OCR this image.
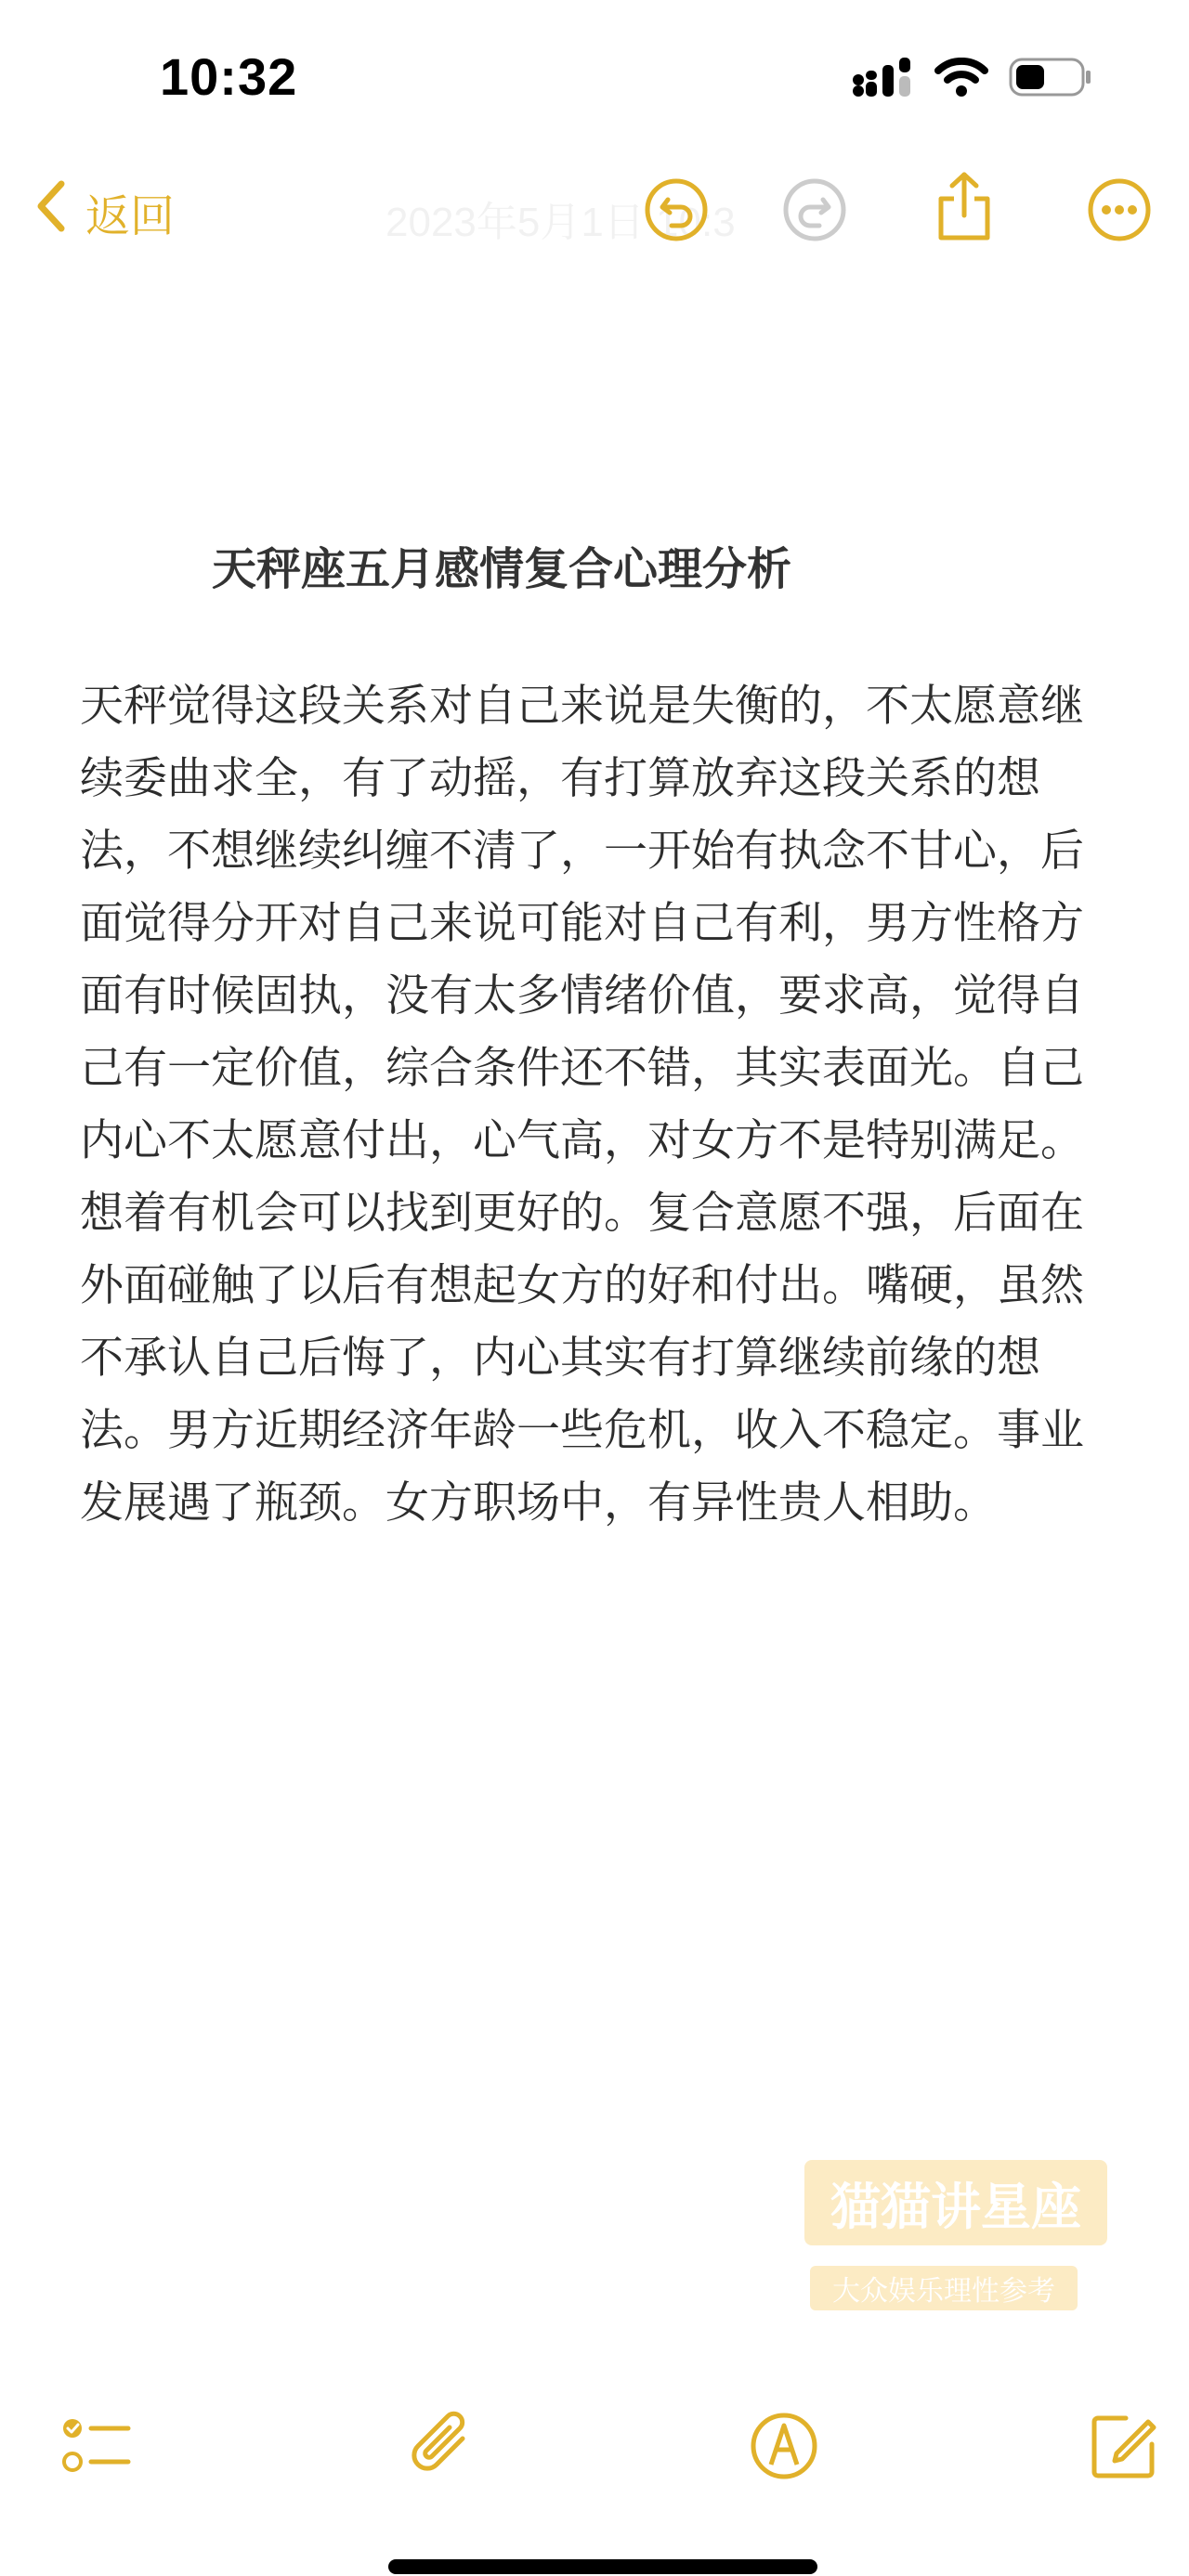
10:32
返回	2023年5月1日 10:3
天秤座五月感情复合心理分析
天秤觉得这段关系对自己来说是失衡的，不太愿意继续委曲求全，有了动摇，有打算放弃这段关系的想法，不想继续纠缠不清了，一开始有执念不甘心，后面觉得分开对自己来说可能对自己有利，男方性格方面有时候固执，没有太多情绪价值，要求高，觉得自己有一定价值，综合条件还不错，其实表面光。自己内心不太愿意付出，心气高，对女方不是特别满足。想着有机会可以找到更好的。复合意愿不强，后面在外面碰触了以后有想起女方的好和付出。嘴硬，虽然不承认自己后悔了，内心其实有打算继续前缘的想法。男方近期经济年龄一些危机，收入不稳定。事业发展遇了瓶颈。女方职场中，有异性贵人相助。
猫猫讲星座
大众娱乐理性参考
